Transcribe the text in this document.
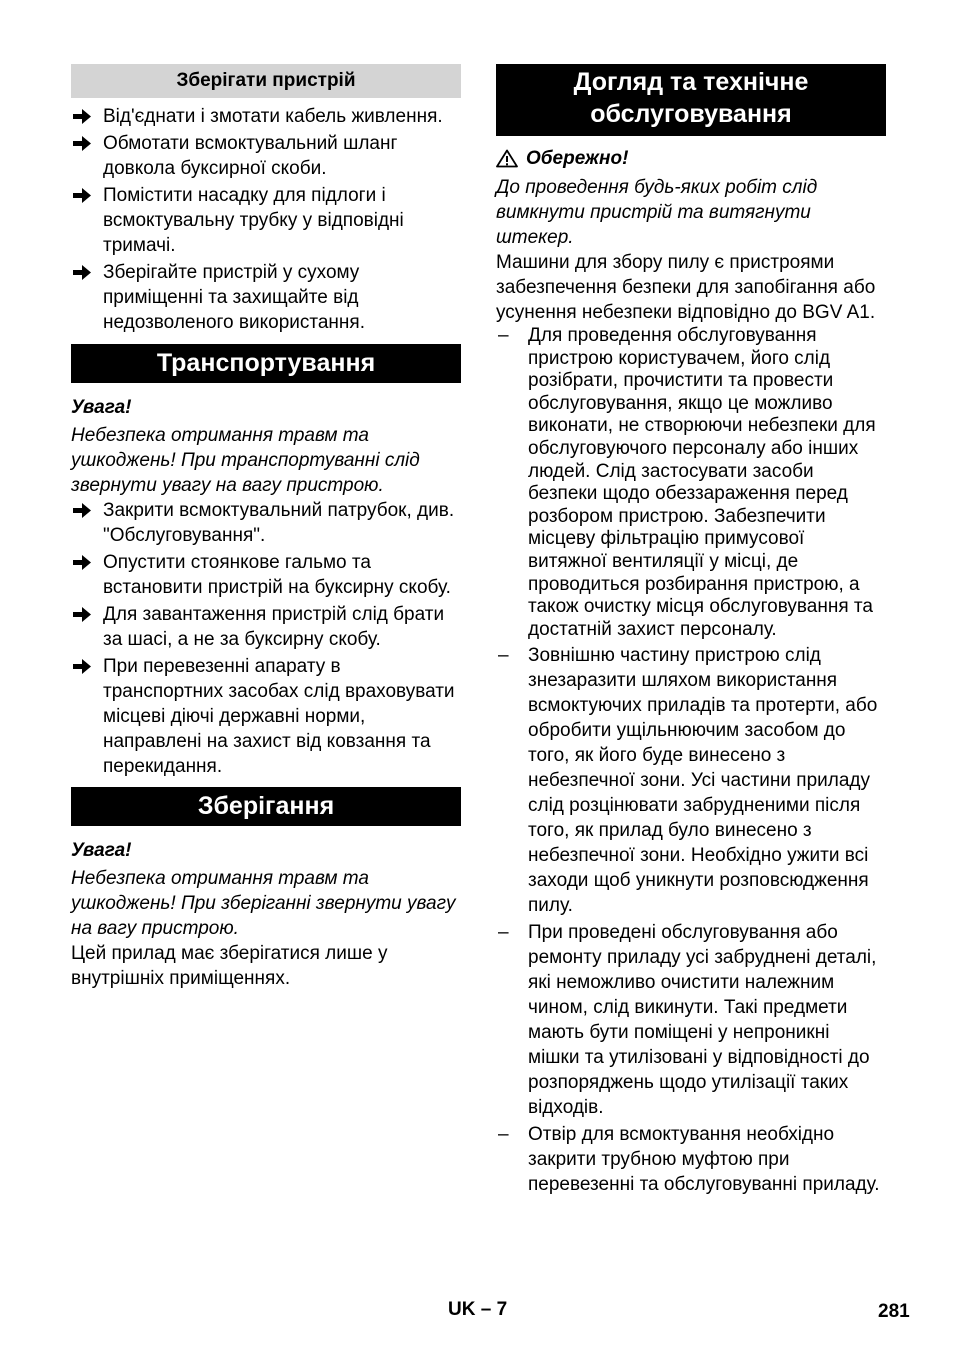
Зберігати пристрій
Від'єднати і змотати кабель живлення.
Обмотати всмоктувальний шланг довкола буксирної скоби.
Помістити насадку для підлоги і всмоктувальну трубку у відповідні тримачі.
Зберігайте пристрій у сухому приміщенні та захищайте від недозволеного використання.
Транспортування
Увага!
Небезпека отримання травм та ушкоджень! При транспортуванні слід звернути увагу на вагу пристрою.
Закрити всмоктувальний патрубок, див. "Обслуговування".
Опустити стоянкове гальмо та встановити пристрій на буксирну скобу.
Для завантаження пристрій слід брати за шасі, а не за буксирну скобу.
При перевезенні апарату в транспортних засобах слід враховувати місцеві діючі державні норми, направлені на захист від ковзання та перекидання.
Зберігання
Увага!
Небезпека отримання травм та ушкоджень! При зберіганні звернути увагу на вагу пристрою.
Цей прилад має зберігатися лише у внутрішніх приміщеннях.
Догляд та технічне обслуговування
Обережно!
До проведення будь-яких робіт слід вимкнути пристрій та витягнути штекер.
Машини для збору пилу є пристроями забезпечення безпеки для запобігання або усунення небезпеки відповідно до BGV A1.
– Для проведення обслуговування пристрою користувачем, його слід розібрати, прочистити та провести обслуговування, якщо це можливо виконати, не створюючи небезпеки для обслуговуючого персоналу або інших людей. Слід застосувати засоби безпеки щодо обеззараження перед розбором пристрою. Забезпечити місцеву фільтрацію примусової витяжної вентиляції у місці, де проводиться розбирання пристрою, а також очистку місця обслуговування та достатній захист персоналу.
– Зовнішню частину пристрою слід знезаразити шляхом використання всмоктуючих приладів та протерти, або обробити ущільнюючим засобом до того, як його буде винесено з небезпечної зони. Усі частини приладу слід розцінювати забрудненими після того, як прилад було винесено з небезпечної зони. Необхідно ужити всі заходи щоб уникнути розповсюдження пилу.
– При проведені обслуговування або ремонту приладу усі забруднені деталі, які неможливо очистити належним чином, слід викинути. Такі предмети мають бути поміщені у непроникні мішки та утилізовані у відповідності до розпоряджень щодо утилізації таких відходів.
– Отвір для всмоктування необхідно закрити трубною муфтою при перевезенні та обслуговуванні приладу.
UK – 7	281
